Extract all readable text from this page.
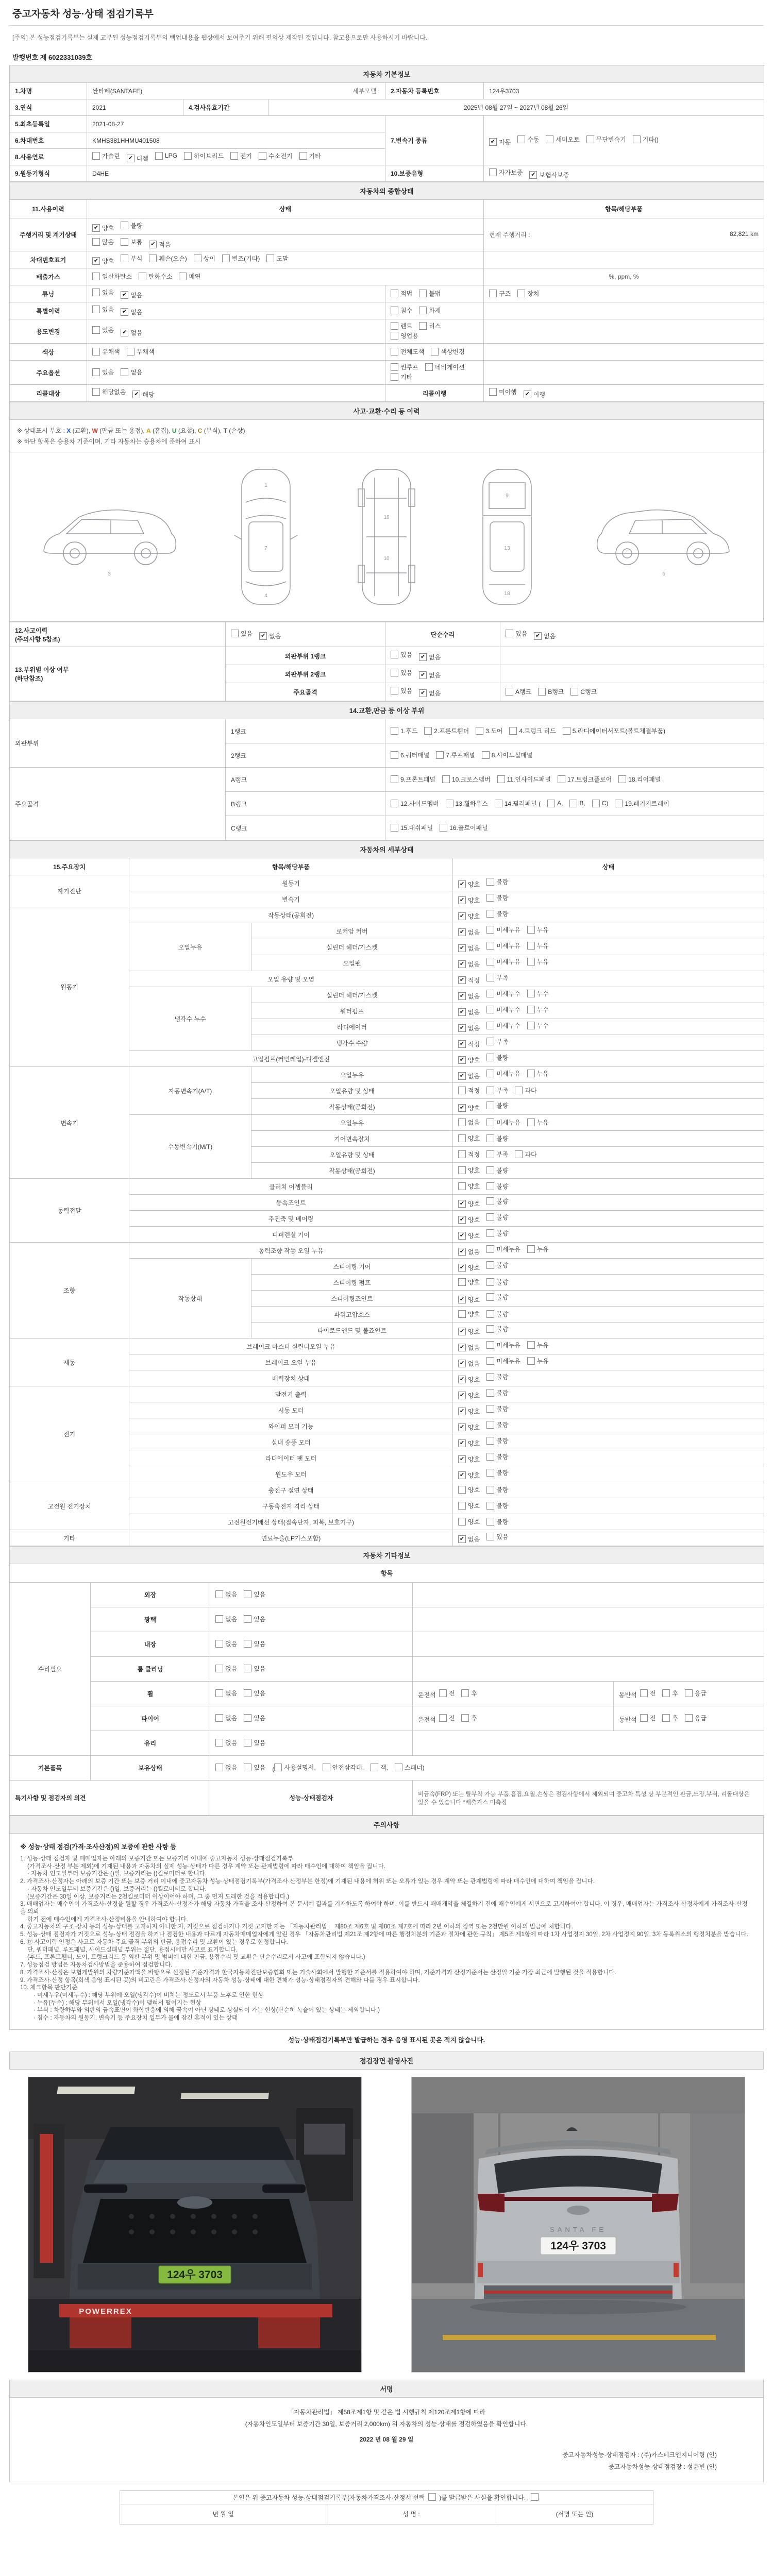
중고자동차 성능·상태 점검기록부
[주의] 본 성능점검기록부는 실제 교부된 성능점검기록부의 백업내용을 웹상에서 보여주기 위해 편의상 제작된 것입니다. 참고용으로만 사용하시기 바랍니다.
발행번호 제 6022331039호
자동차 기본정보					
1.차명	싼타페(SANTAFE) 세부모델 :			2.자동차 등록번호	124우3703
3.연식	2021	4.검사유효기간	2025년 08월 27일 ~ 2027년 08월 26일		
5.최초등록일	2021-08-27	7.변속기 종류	✔ 자동	수동	세미오토	무단변속기	기타()

6.차대번호	KMHS381HHMU401508				
8.사용연료	가솔린 ✔ 디젤	LPG	하이브리드	전기	수소전기	기타

9.원동기형식	D4HE			10.보증유형	자가보증 ✔ 보험사보증
자동차의 종합상태			
11.사용이력	상태		항목/해당부품
주행거리 및 계기상태	✔ 양호 불량		현재 주행거리 : 82,821 km

	많음 보통 ✔ 적음		

차대번호표기	✔ 양호	부식	훼손(오손)	상이	변조(기타)	도말

배출가스	일산화탄소 탄화수소 매연		%, ppm, %
튜닝	있음 ✔ 없음	적법 불법	구조 장치

특별이력	있음 ✔ 없음	침수 화재	

용도변경	있음 ✔ 없음	렌트 리스
영업용	

색상	유채색 무채색	전체도색 색상변경	

주요옵션	있음 없음	썬루프 네비게이션
기타	

리콜대상	해당없음 ✔ 해당	리콜이행	미이행 ✔ 이행
사고·교환·수리 등 이력
※ 상태표시 부호 : X (교환), W (판금 또는 용접), A (흠집), U (요철), C (부식), T (손상)
※ 하단 항목은 승용차 기준이며, 기타 자동차는 승용차에 준하여 표시
3
1
7
4
16
10
9
13
18
6
12.사고이력
(주의사항 5참조)	있음 ✔ 없음	단순수리	있음 ✔ 없음

13.부위별 이상 여부
(하단참조)	외판부위 1랭크	있음 ✔ 없음	

	외판부위 2랭크	있음 ✔ 없음	

	주요골격	있음 ✔ 없음	A랭크 B랭크 C랭크
14.교환,판금 등 이상 부위		
외판부위	1랭크	1.후드 2.프론트휀더 3.도어 4.트렁크 리드 5.라디에이터서포트(볼트체결부품)

	2랭크	6.쿼터패널 7.루프패널 8.사이드실패널

주요골격	A랭크	9.프론트패널 10.크로스멤버 11.인사이드패널 17.트렁크플로어 18.리어패널

B랭크	12.사이드멤버	13.휠하우스	14.필러패널 (	A,	B,	C)	19.패키지트레이

	C랭크	15.대쉬패널 16.플로어패널
자동차의 세부상태			
15.주요장치	항목/해당부품		상태
자기진단	원동기		✔ 양호 불량

	변속기		✔ 양호 불량

원동기	작동상태(공회전)		✔ 양호 불량

	오일누유	로커암 커버	✔ 없음 미세누유 누유

		실린더 헤더/가스켓	✔ 없음 미세누유 누유

		오일팬	✔ 없음 미세누유 누유

	오일 유량 및 오염		✔ 적정 부족

	냉각수 누수	실린더 헤더/가스켓	✔ 없음 미세누수 누수

		워터펌프	✔ 없음 미세누수 누수

		라디에이터	✔ 없음 미세누수 누수

		냉각수 수량	✔ 적정 부족

	고압펌프(커먼레일)-디젤엔진		✔ 양호 불량

변속기	자동변속기(A/T)	오일누유	✔ 없음 미세누유 누유

		오일유량 및 상태	적정 부족 과다

		작동상태(공회전)	✔ 양호 불량

	수동변속기(M/T)	오일누유	없음 미세누유 누유

		기어변속장치	양호 불량

		오일유량 및 상태	적정 부족 과다

		작동상태(공회전)	양호 불량

동력전달	클러치 어셈블리		양호 불량

	등속조인트		✔ 양호 불량

	추진축 및 베어링		✔ 양호 불량

	디퍼렌셜 기어		✔ 양호 불량

조향	동력조향 작동 오일 누유		✔ 없음 미세누유 누유

	작동상태	스티어링 기어	✔ 양호 불량

		스티어링 펌프	양호 불량

		스티어링조인트	✔ 양호 불량

		파워고압호스	양호 불량

		타이로드엔드 및 볼죠인트	✔ 양호 불량

제동	브레이크 마스터 실린더오일 누유		✔ 없음 미세누유 누유

	브레이크 오일 누유		✔ 없음 미세누유 누유

	배력장치 상태		✔ 양호 불량

전기	발전기 출력		✔ 양호 불량

	시동 모터		✔ 양호 불량

	와이퍼 모터 기능		✔ 양호 불량

	실내 송풍 모터		✔ 양호 불량

	라디에이터 팬 모터		✔ 양호 불량

	윈도우 모터		✔ 양호 불량

고전원 전기장치	충전구 절연 상태		양호 불량

	구동축전지 격리 상태		양호 불량

	고전원전기배선 상태(접속단자, 피복, 보호기구)		양호 불량

기타	연료누출(LP가스포함)		✔ 없음 있음
자동차 기타정보				
항목				
수리필요	외장	없음 있음		

	광택	없음 있음		

	내장	없음 있음		

	룸 클리닝	없음 있음		

	휠	없음 있음	운전석 전 후	동반석 전 후 응급

	타이어	없음 있음	운전석 전 후	동반석 전 후 응급

	유리	없음 있음		

기본품목	보유상태	없음	있음 ( 사용설명서,	안전삼각대,	잭,	스패너)

특기사항 및 점검자의 의견		성능·상태점검자	비금속(FRP) 또는 탈부착 가능 부품,흠집,요철,손상은 점검사항에서 제외되며 중고차 특성 상 부분적인 판금,도장,부식, 리콜대상은 있을 수 있습니다 *배출가스 미측정	
주의사항
※ 성능·상태 점검(가격·조사산정)의 보증에 관한 사항 등
1. 성능·상태 점검자 및 매매업자는 아래의 보증기간 또는 보증거리 이내에 중고자동차 성능·상태점검기록부
(가격조사·산정 부분 제외)에 기재된 내용과 자동차의 실제 성능·상태가 다른 경우 계약 또는 관계법령에 따라 매수인에 대하여 책임을 집니다.
· 자동차 인도일부터 보증기간은 ()일, 보증거리는 ()킬로미터로 합니다.
2. 가격조사·산정자는 아래의 보증 기간 또는 보증 거리 이내에 중고자동차 성능·상태점검기록부(가격조사·산정부분 한정)에 기재된 내용에 허위 또는 오류가 있는 경우 계약 또는 관계법령에 따라 매수인에 대하여 책임을 집니다.
· 자동차 인도일부터 보증기간은 ()일, 보증거리는 ()킬로미터로 합니다.
(보증기간은 30일 이상, 보증거리는 2천킬로미터 이상이어야 하며, 그 중 먼저 도래한 것을 적용합니다.)
3. 매매업자는 매수인이 가격조사·산정을 원할 경우 가격조사·산정자가 해당 자동차 가격을 조사·산정하여 본 문서에 결과를 기재하도록 하여야 하며, 이를 반드시 매매계약을 체결하기 전에 매수인에게 서면으로 고지하여야 합니다. 이 경우, 매매업자는 가격조사·산정자에게 가격조사·산정을 의뢰
하기 전에 매수인에게 가격조사·산정비용을 안내하여야 합니다.
4. 중고자동차의 구조·장치 등의 성능·상태를 고지하지 아니한 자, 거짓으로 점검하거나 거짓 고지한 자는 「자동차관리법」 제80조 제6호 및 제80조 제7호에 따라 2년 이하의 징역 또는 2천만원 이하의 벌금에 처합니다.
5. 성능·상태 점검자가 거짓으로 성능·상태 점검을 하거나 점검한 내용과 다르게 자동차매매업자에게 알린 경우 「자동차관리법 제21조 제2항에 따른 행정처분의 기준과 절차에 관한 규칙」 제5조 제1항에 따라 1차 사업정지 30일, 2차 사업정지 90일, 3차 등록취소의 행정처분을 받습니다.
6. ⑫ 사고이력 인정은 사고로 자동차 주요 골격 부위의 판금, 용접수리 및 교환이 있는 경우로 한정합니다.
단, 쿼터패널, 루프패널, 사이드실패널 부위는 절단, 용접시에만 사고로 표기합니다.
(후드, 프론트휀더, 도어, 트렁크리드 등 외판 부위 및 범퍼에 대한 판금, 용접수리 및 교환은 단순수리로서 사고에 포함되지 않습니다.)
7. 성능점검 방법은 자동차검사방법을 준용하여 점검합니다.
8. 가격조사·산정은 보험개발원의 차량기준가액을 바탕으로 설정된 기준가격과 한국자동차진단보증협회 또는 기술사회에서 발행한 기준서를 적용하여야 하며, 기준가격과 산정기준서는 산정일 기준 가장 최근에 발행된 것을 적용합니다.
9. 가격조사·산정 항목(회색 음영 표시된 곳)의 비고란은 가격조사·산정자의 자동차 성능·상태에 대한 견해가 성능·상태점검자의 견해와 다를 경우 표시합니다.
10. 체크항목 판단기준
· 미세누유(미세누수) : 해당 부위에 오일(냉각수)이 비치는 정도로서 부품 노후로 인한 현상
· 누유(누수) : 해당 부위에서 오일(냉각수)이 맺혀서 떨어지는 현상
· 부식 : 차량하부와 외판의 금속표면이 화학반응에 의해 금속이 아닌 상태로 상실되어 가는 현상(단순히 녹슬어 있는 상태는 제외합니다.)
· 침수 : 자동차의 원동기, 변속기 등 주요장치 일부가 물에 잠긴 흔적이 있는 상태
성능·상태점검기록부만 발급하는 경우 음영 표시된 곳은 적지 않습니다.
점검장면 촬영사진
124우 3703
POWERREX
SANTA FE
124우 3703
서명
「자동차관리법」 제58조제1항 및 같은 법 시행규칙 제120조제1항에 따라
(자동차인도일부터 보증기간 30일, 보증거리 2,000km) 위 자동차의 성능·상태를 점검하였음을 확인합니다.
2022 년 08 월 29 일
중고자동차성능·상태점검자 : (주)카스테크엔지니어링 (인)
중고자동차성능·상태점검장 : 성윤빈 (인)
본인은 위 중고자동차 성능·상태점검기록부(자동차가격조사·산정서 선택 )를 발급받은 사실을 확인합니다.
년 월 일	성 명 :	(서명 또는 인)
